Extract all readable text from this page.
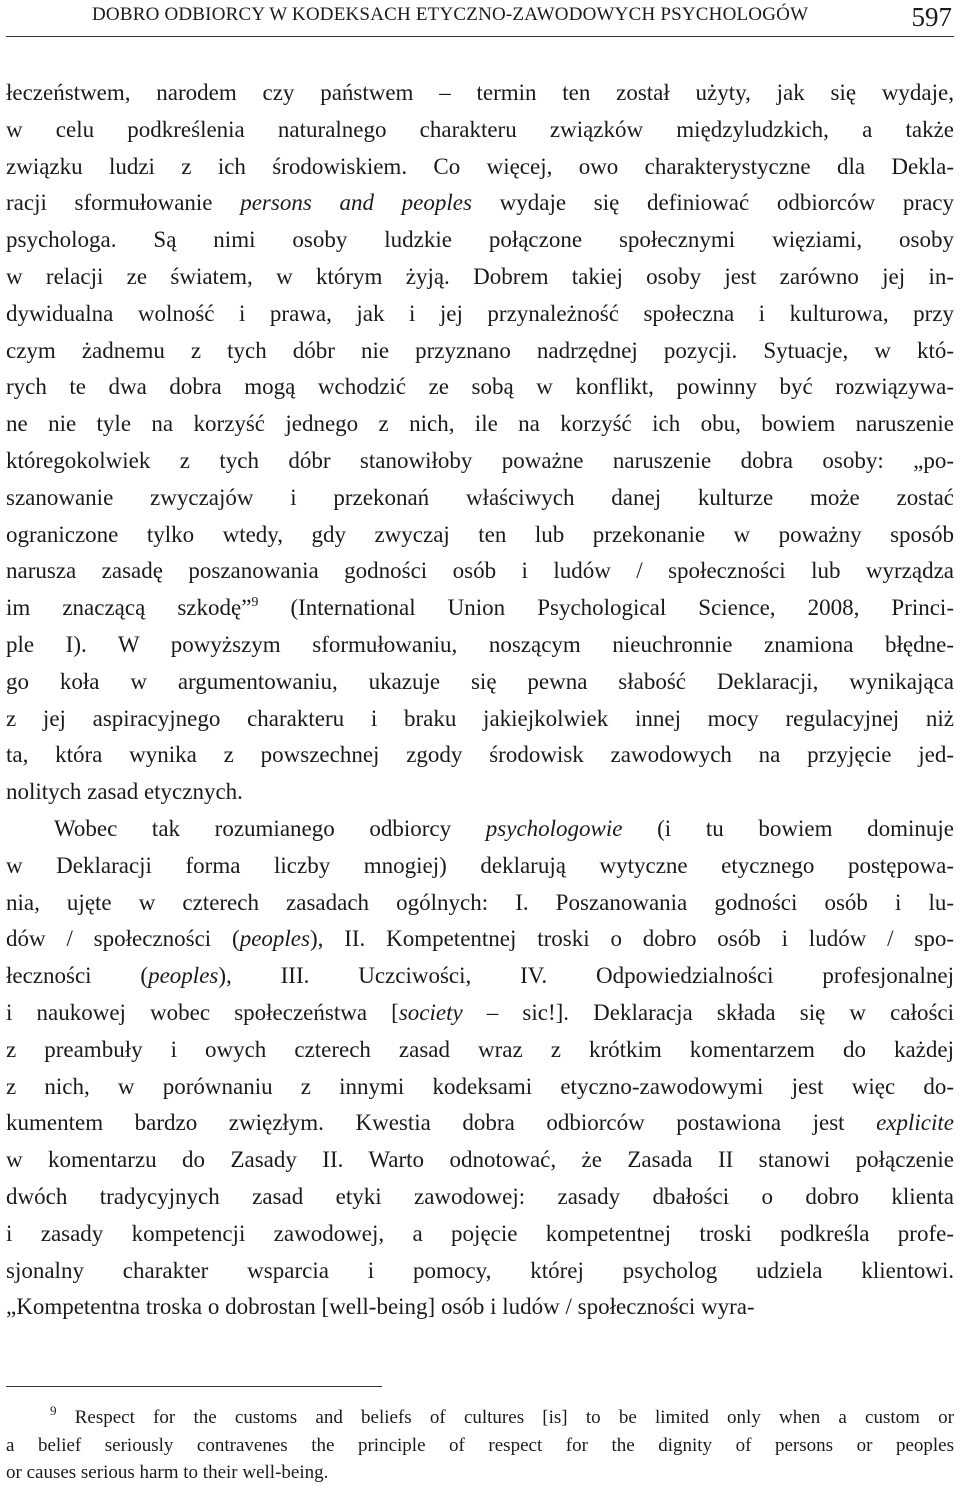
DOBRO ODBIORCY W KODEKSACH ETYCZNO-ZAWODOWYCH PSYCHOLOGÓW	597
łeczeństwem, narodem czy państwem – termin ten został użyty, jak się wydaje,
w celu podkreślenia naturalnego charakteru związków międzyludzkich, a także
związku ludzi z ich środowiskiem. Co więcej, owo charakterystyczne dla Dekla-
racji sformułowanie persons and peoples wydaje się definiować odbiorców pracy
psychologa. Są nimi osoby ludzkie połączone społecznymi więziami, osoby
w relacji ze światem, w którym żyją. Dobrem takiej osoby jest zarówno jej in-
dywidualna wolność i prawa, jak i jej przynależność społeczna i kulturowa, przy
czym żadnemu z tych dóbr nie przyznano nadrzędnej pozycji. Sytuacje, w któ-
rych te dwa dobra mogą wchodzić ze sobą w konflikt, powinny być rozwiązywa-
ne nie tyle na korzyść jednego z nich, ile na korzyść ich obu, bowiem naruszenie
któregokolwiek z tych dóbr stanowiłoby poważne naruszenie dobra osoby: „po-
szanowanie zwyczajów i przekonań właściwych danej kulturze może zostać
ograniczone tylko wtedy, gdy zwyczaj ten lub przekonanie w poważny sposób
narusza zasadę poszanowania godności osób i ludów / społeczności lub wyrządza
im znaczącą szkodę”$^9$ (International Union Psychological Science, 2008, Princi-
ple I). W powyższym sformułowaniu, noszącym nieuchronnie znamiona błędne-
go koła w argumentowaniu, ukazuje się pewna słabość Deklaracji, wynikająca
z jej aspiracyjnego charakteru i braku jakiejkolwiek innej mocy regulacyjnej niż
ta, która wynika z powszechnej zgody środowisk zawodowych na przyjęcie jed-
nolitych zasad etycznych.
Wobec tak rozumianego odbiorcy psychologowie (i tu bowiem dominuje
w Deklaracji forma liczby mnogiej) deklarują wytyczne etycznego postępowa-
nia, ujęte w czterech zasadach ogólnych: I. Poszanowania godności osób i lu-
dów / społeczności (peoples), II. Kompetentnej troski o dobro osób i ludów / spo-
łeczności (peoples), III. Uczciwości, IV. Odpowiedzialności profesjonalnej
i naukowej wobec społeczeństwa [society – sic!]. Deklaracja składa się w całości
z preambuły i owych czterech zasad wraz z krótkim komentarzem do każdej
z nich, w porównaniu z innymi kodeksami etyczno-zawodowymi jest więc do-
kumentem bardzo zwięzłym. Kwestia dobra odbiorców postawiona jest explicite
w komentarzu do Zasady II. Warto odnotować, że Zasada II stanowi połączenie
dwóch tradycyjnych zasad etyki zawodowej: zasady dbałości o dobro klienta
i zasady kompetencji zawodowej, a pojęcie kompetentnej troski podkreśla profe-
sjonalny charakter wsparcia i pomocy, której psycholog udziela klientowi.
„Kompetentna troska o dobrostan [well-being] osób i ludów / społeczności wyra-
$^9$ Respect for the customs and beliefs of cultures [is] to be limited only when a custom or
a belief seriously contravenes the principle of respect for the dignity of persons or peoples
or causes serious harm to their well-being.
